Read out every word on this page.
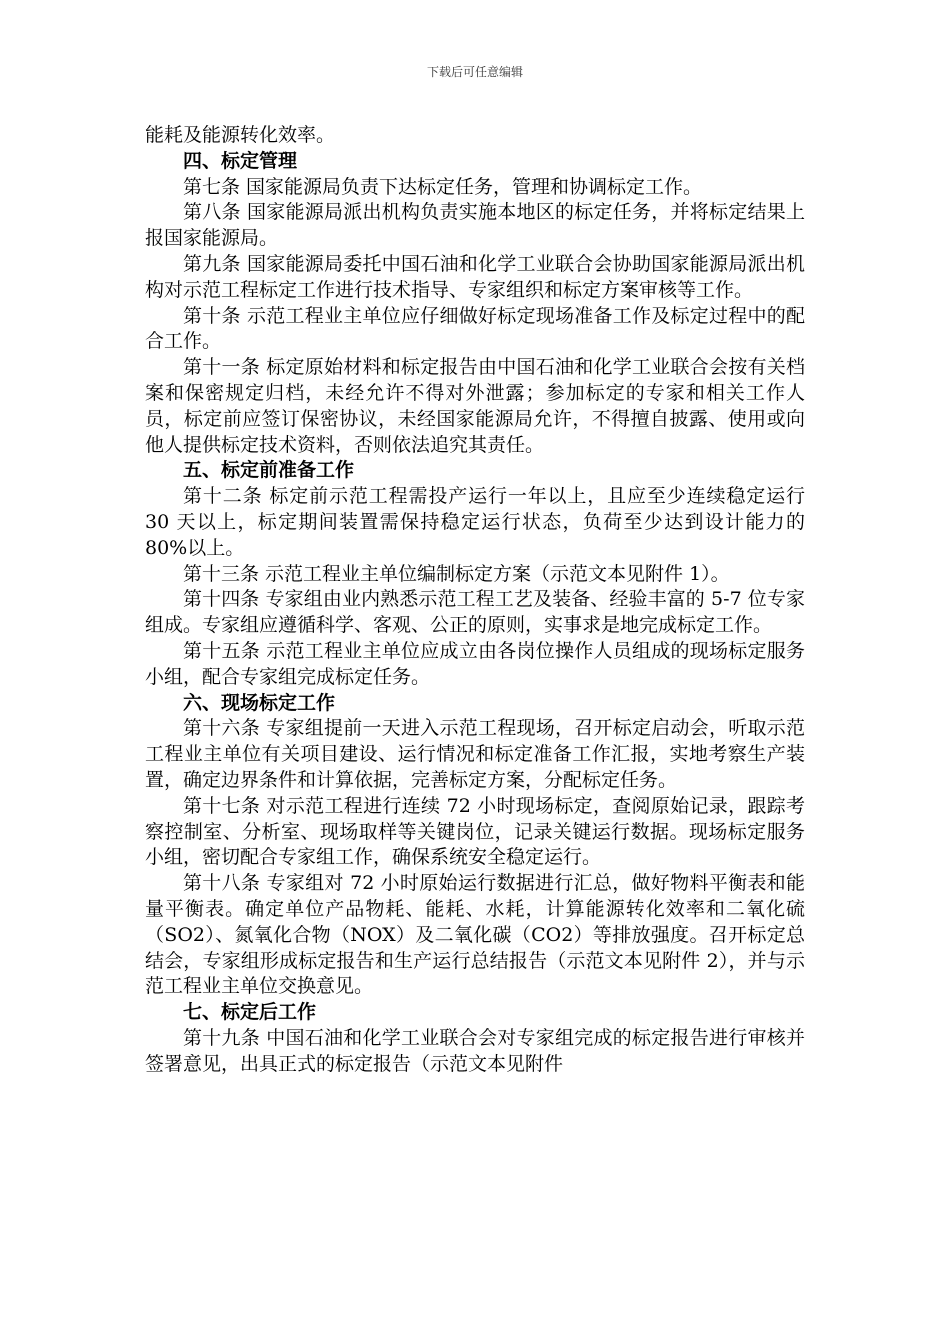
下载后可任意编辑

能耗及能源转化效率。

四、标定管理

第七条 国家能源局负责下达标定任务，管理和协调标定工作。

第八条 国家能源局派出机构负责实施本地区的标定任务，并将标定结果上报国家能源局。

第九条 国家能源局委托中国石油和化学工业联合会协助国家能源局派出机构对示范工程标定工作进行技术指导、专家组织和标定方案审核等工作。

第十条 示范工程业主单位应仔细做好标定现场准备工作及标定过程中的配合工作。

第十一条 标定原始材料和标定报告由中国石油和化学工业联合会按有关档案和保密规定归档，未经允许不得对外泄露；参加标定的专家和相关工作人员，标定前应签订保密协议，未经国家能源局允许，不得擅自披露、使用或向他人提供标定技术资料，否则依法追究其责任。

五、标定前准备工作

第十二条 标定前示范工程需投产运行一年以上，且应至少连续稳定运行 30 天以上，标定期间装置需保持稳定运行状态，负荷至少达到设计能力的 80%以上。

第十三条 示范工程业主单位编制标定方案（示范文本见附件 1）。

第十四条 专家组由业内熟悉示范工程工艺及装备、经验丰富的 5-7 位专家组成。专家组应遵循科学、客观、公正的原则，实事求是地完成标定工作。

第十五条 示范工程业主单位应成立由各岗位操作人员组成的现场标定服务小组，配合专家组完成标定任务。

六、现场标定工作

第十六条 专家组提前一天进入示范工程现场，召开标定启动会，听取示范工程业主单位有关项目建设、运行情况和标定准备工作汇报，实地考察生产装置，确定边界条件和计算依据，完善标定方案，分配标定任务。

第十七条 对示范工程进行连续 72 小时现场标定，查阅原始记录，跟踪考察控制室、分析室、现场取样等关键岗位，记录关键运行数据。现场标定服务小组，密切配合专家组工作，确保系统安全稳定运行。

第十八条 专家组对 72 小时原始运行数据进行汇总，做好物料平衡表和能量平衡表。确定单位产品物耗、能耗、水耗，计算能源转化效率和二氧化硫（SO2）、氮氧化合物（NOX）及二氧化碳（CO2）等排放强度。召开标定总结会，专家组形成标定报告和生产运行总结报告（示范文本见附件 2），并与示范工程业主单位交换意见。

七、标定后工作

第十九条 中国石油和化学工业联合会对专家组完成的标定报告进行审核并签署意见，出具正式的标定报告（示范文本见附件
